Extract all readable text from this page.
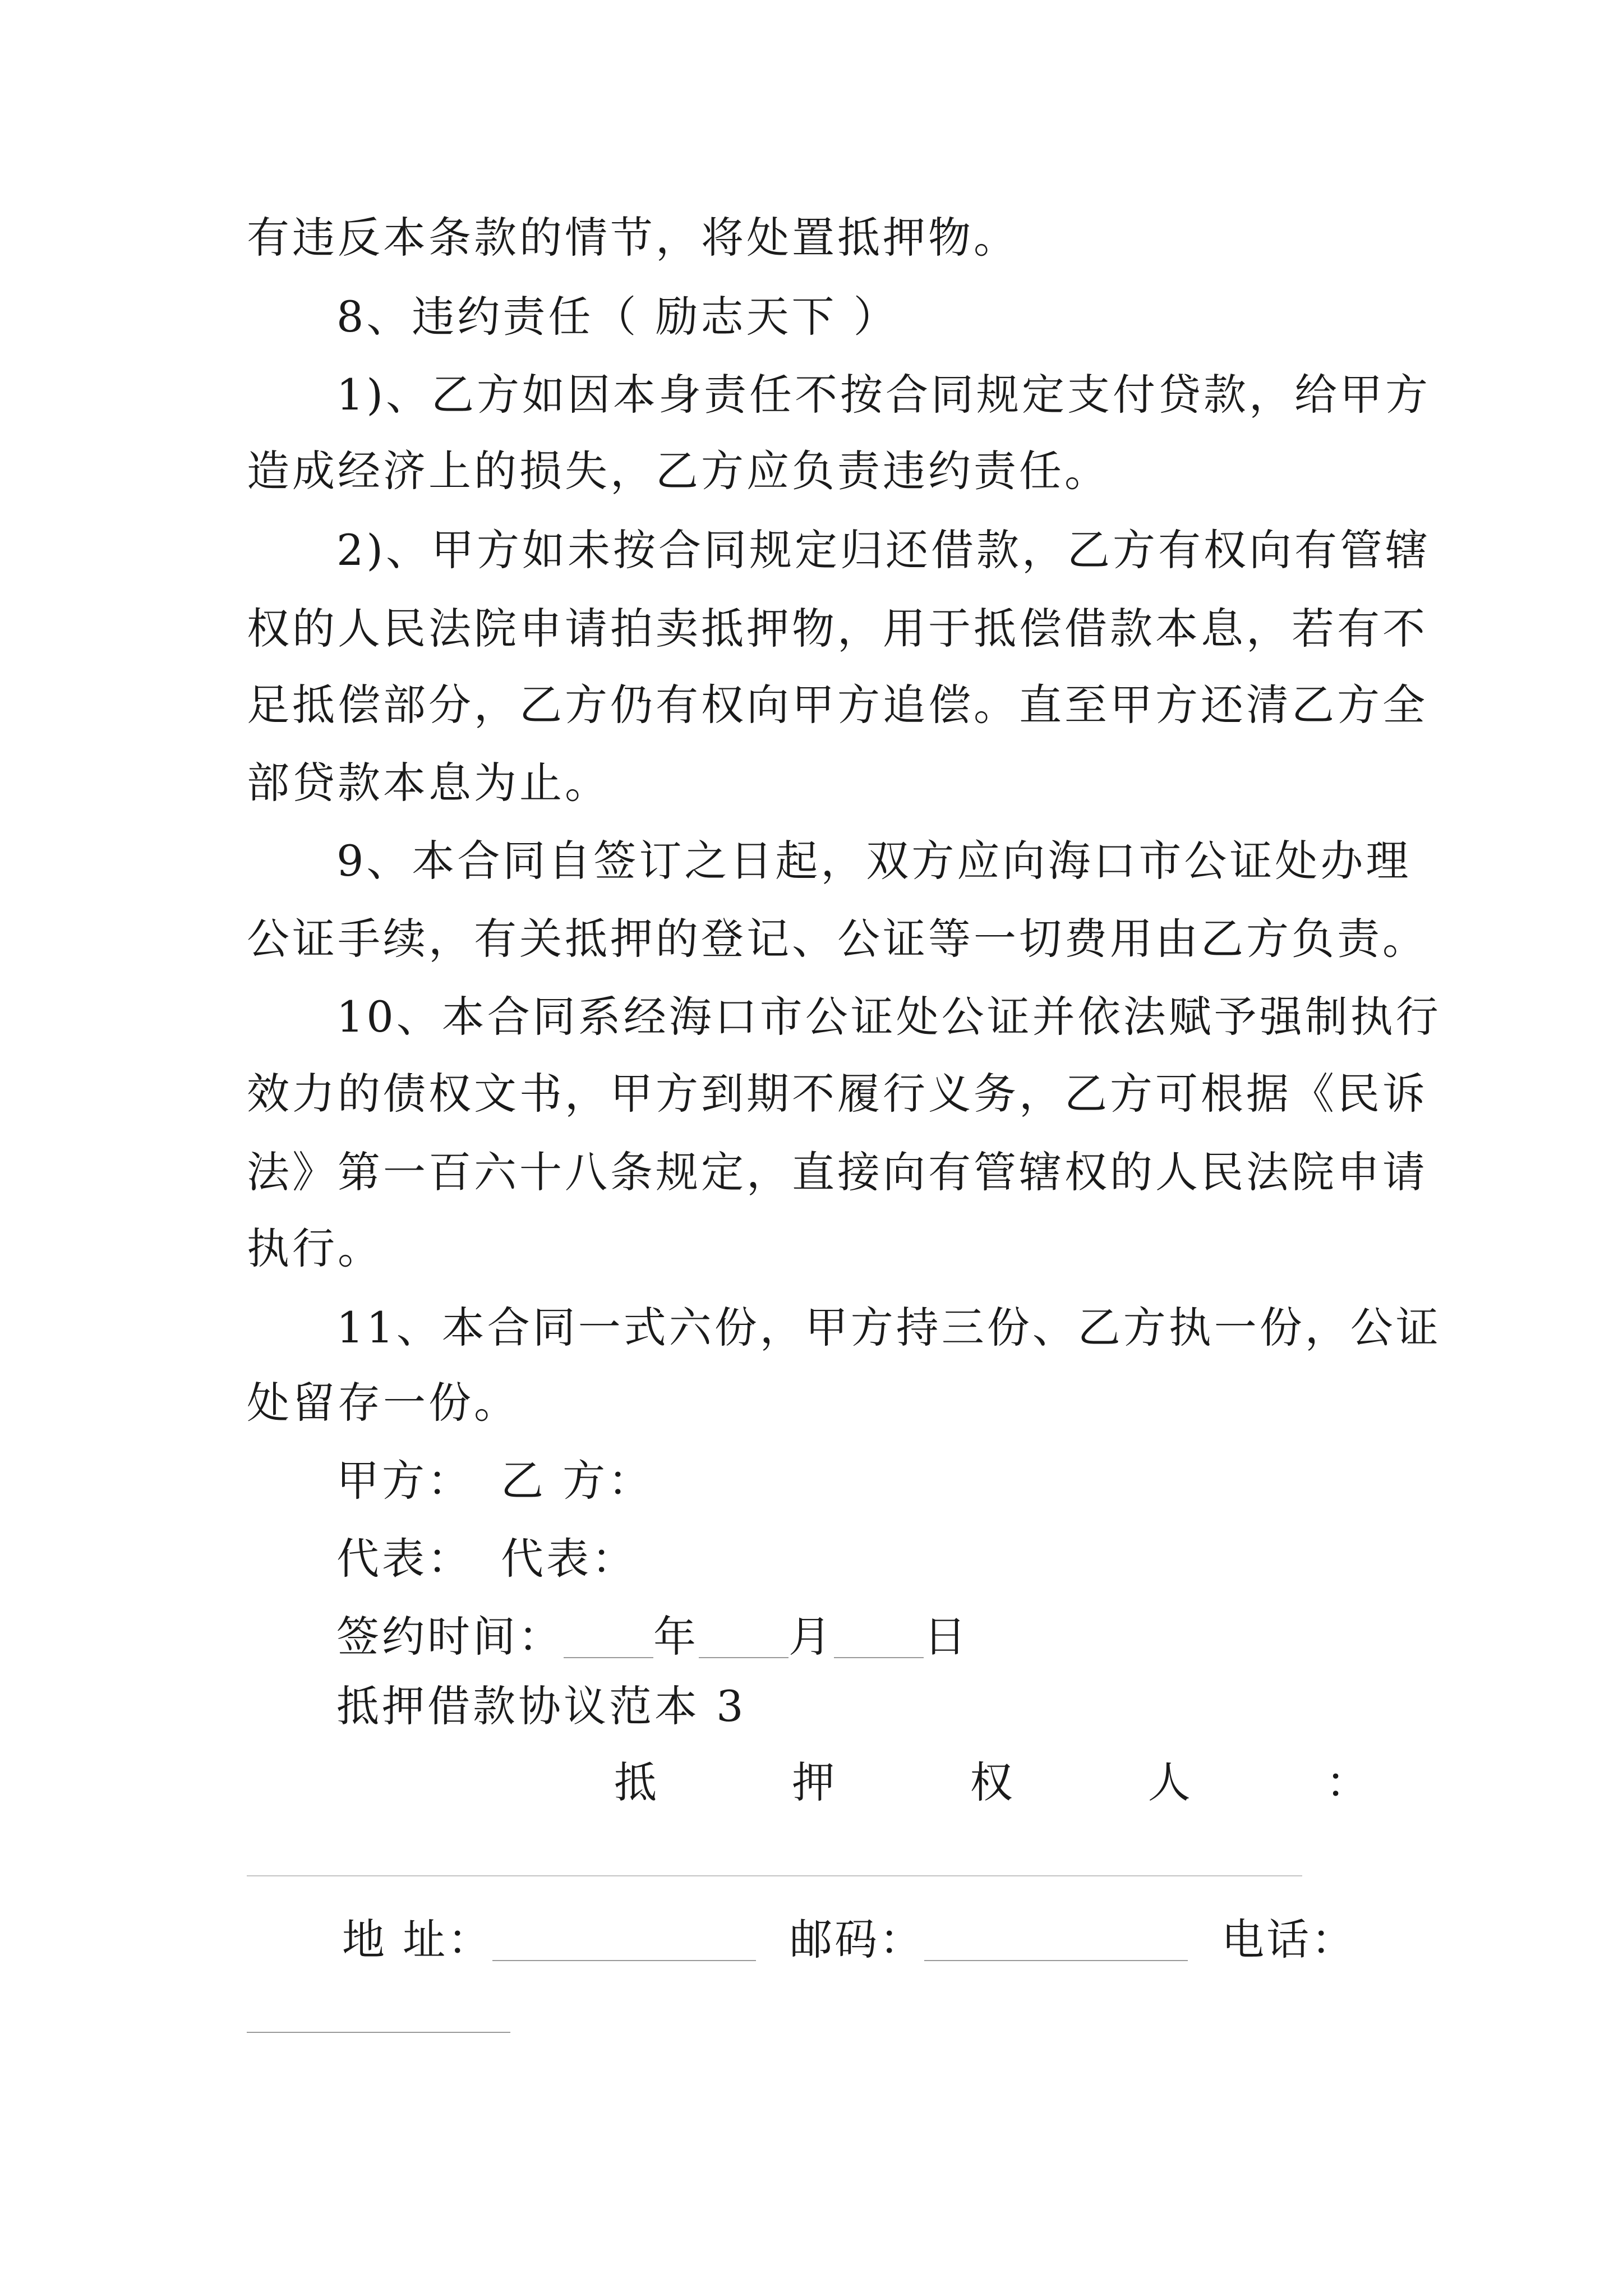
有违反本条款的情节，将处置抵押物。
8、违约责任（ 励志天下 ）
1)、乙方如因本身责任不按合同规定支付贷款，给甲方
造成经济上的损失，乙方应负责违约责任。
2)、甲方如未按合同规定归还借款，乙方有权向有管辖
权的人民法院申请拍卖抵押物，用于抵偿借款本息，若有不
足抵偿部分，乙方仍有权向甲方追偿。直至甲方还清乙方全
部贷款本息为止。
9、本合同自签订之日起，双方应向海口市公证处办理
公证手续，有关抵押的登记、公证等一切费用由乙方负责。
10、本合同系经海口市公证处公证并依法赋予强制执行
效力的债权文书，甲方到期不履行义务，乙方可根据《民诉
法》第一百六十八条规定，直接向有管辖权的人民法院申请
执行。
11、本合同一式六份，甲方持三份、乙方执一份，公证
处留存一份。
甲方： 乙 方：
代表： 代表：
签约时间： 年 月 日
抵押借款协议范本 3
抵	押	权	人	：
地 址：	邮码：	电话：
